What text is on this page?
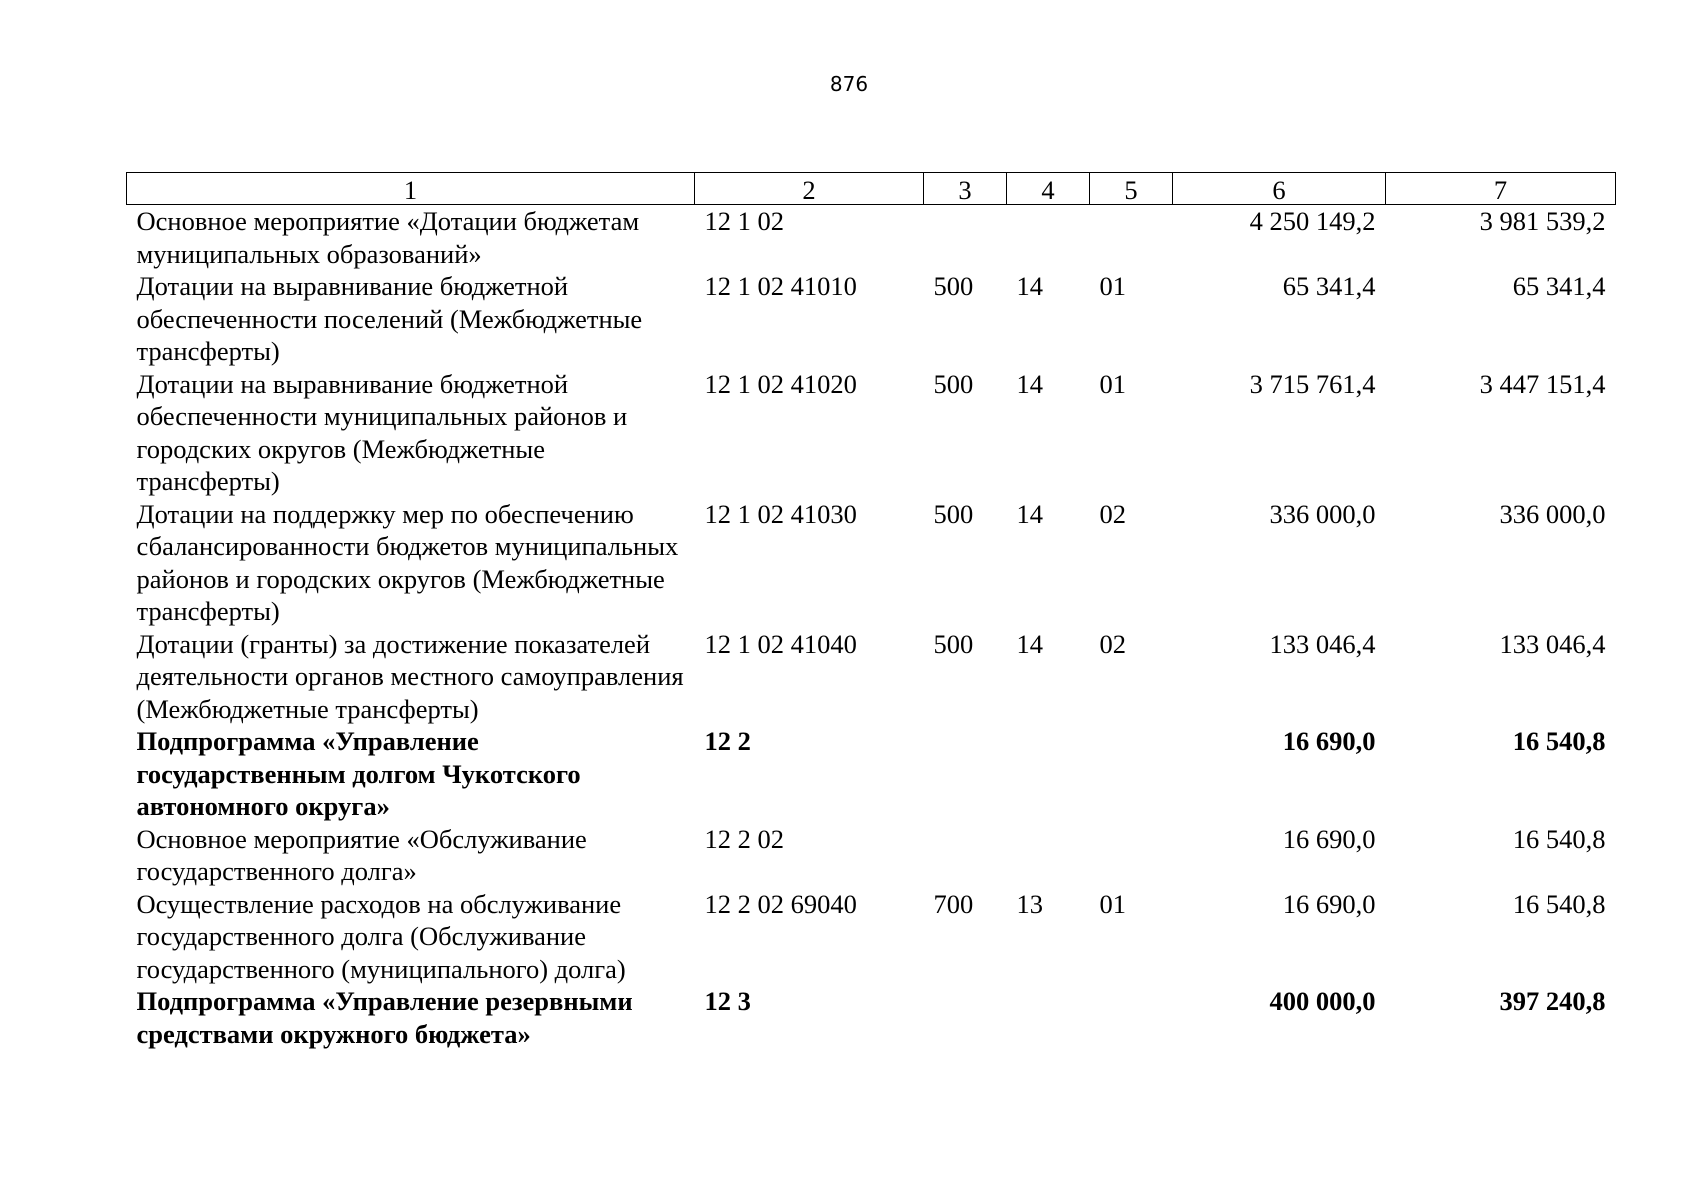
876
1	2	3	4	5	6	7
Основное мероприятие «Дотации бюджетам муниципальных образований»	12 1 02				4 250 149,2	3 981 539,2
Дотации на выравнивание бюджетной обеспеченности поселений (Межбюджетные трансферты)	12 1 02 41010	500	14	01	65 341,4	65 341,4
Дотации на выравнивание бюджетной обеспеченности муниципальных районов и городских округов (Межбюджетные трансферты)	12 1 02 41020	500	14	01	3 715 761,4	3 447 151,4
Дотации на поддержку мер по обеспечению сбалансированности бюджетов муниципальных районов и городских округов (Межбюджетные трансферты)	12 1 02 41030	500	14	02	336 000,0	336 000,0
Дотации (гранты) за достижение показателей деятельности органов местного самоуправления (Межбюджетные трансферты)	12 1 02 41040	500	14	02	133 046,4	133 046,4
Подпрограмма «Управление государственным долгом Чукотского автономного округа»	12 2				16 690,0	16 540,8
Основное мероприятие «Обслуживание государственного долга»	12 2 02				16 690,0	16 540,8
Осуществление расходов на обслуживание государственного долга (Обслуживание государственного (муниципального) долга)	12 2 02 69040	700	13	01	16 690,0	16 540,8
Подпрограмма «Управление резервными средствами окружного бюджета»	12 3				400 000,0	397 240,8
